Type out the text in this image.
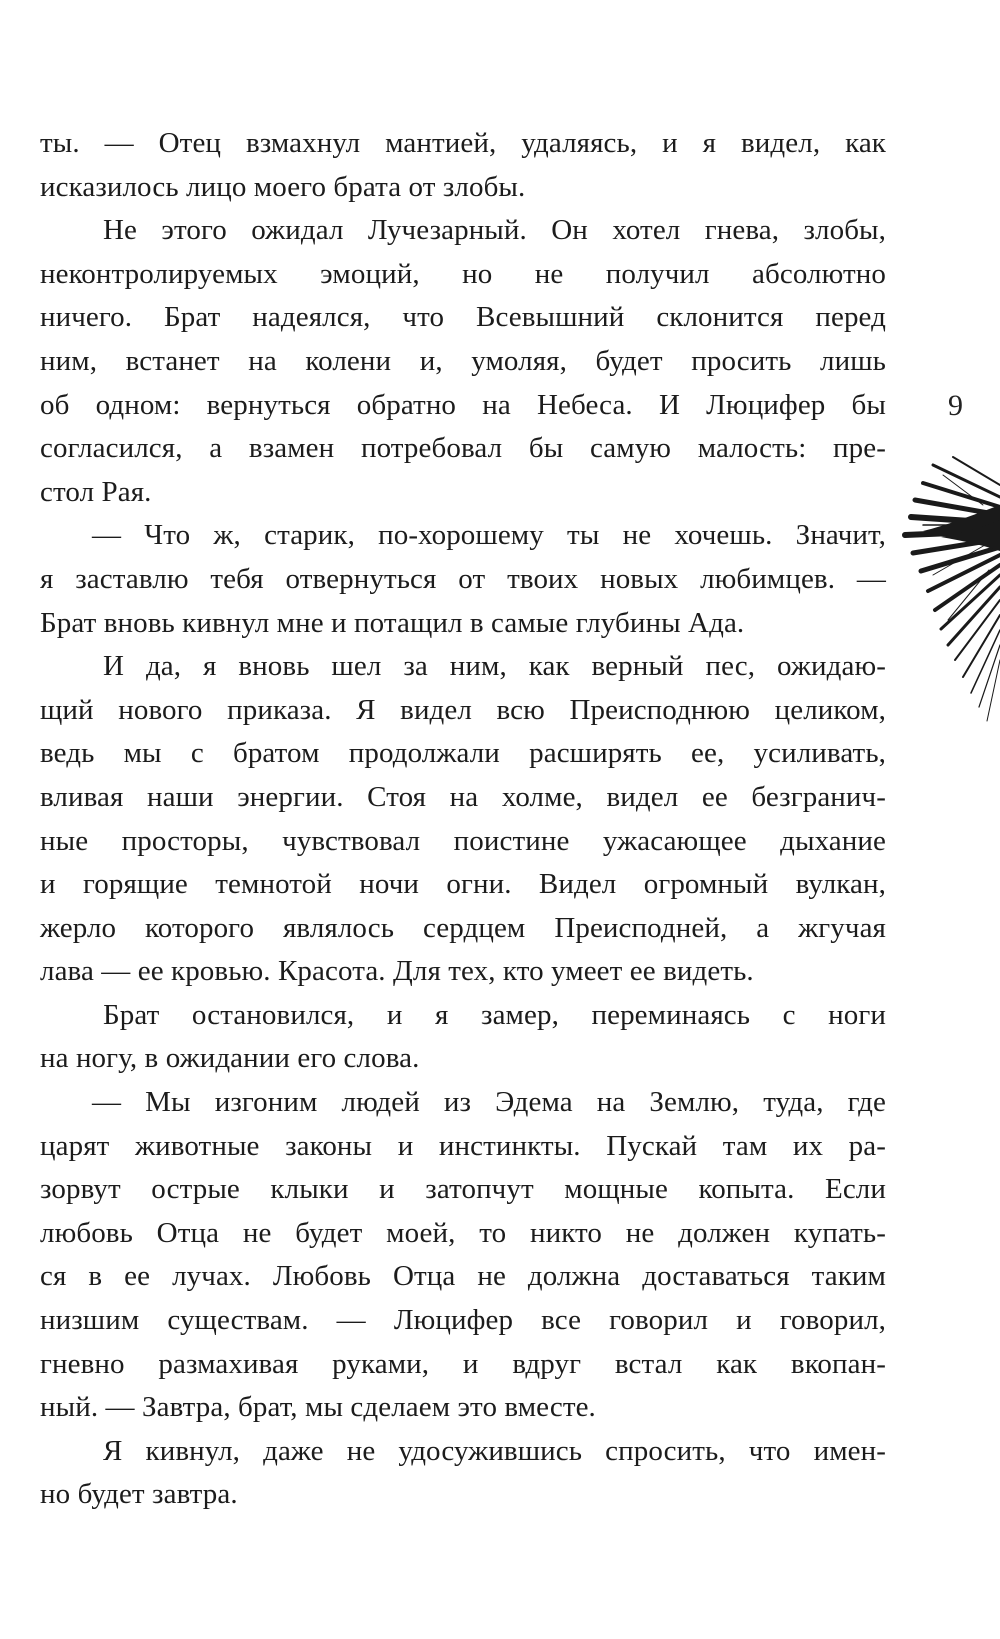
ты. — Отец взмахнул мантией, удаляясь, и я видел, как
исказилось лицо моего брата от злобы.
Не этого ожидал Лучезарный. Он хотел гнева, злобы,
неконтролируемых эмоций, но не получил абсолютно
ничего. Брат надеялся, что Всевышний склонится перед
ним, встанет на колени и, умоляя, будет просить лишь
об одном: вернуться обратно на Небеса. И Люцифер бы
согласился, а взамен потребовал бы самую малость: пре-
стол Рая.
— Что ж, старик, по-хорошему ты не хочешь. Значит,
я заставлю тебя отвернуться от твоих новых любимцев. —
Брат вновь кивнул мне и потащил в самые глубины Ада.
И да, я вновь шел за ним, как верный пес, ожидаю-
щий нового приказа. Я видел всю Преисподнюю целиком,
ведь мы с братом продолжали расширять ее, усиливать,
вливая наши энергии. Стоя на холме, видел ее безгранич-
ные просторы, чувствовал поистине ужасающее дыхание
и горящие темнотой ночи огни. Видел огромный вулкан,
жерло которого являлось сердцем Преисподней, а жгучая
лава — ее кровью. Красота. Для тех, кто умеет ее видеть.
Брат остановился, и я замер, переминаясь с ноги
на ногу, в ожидании его слова.
— Мы изгоним людей из Эдема на Землю, туда, где
царят животные законы и инстинкты. Пускай там их ра-
зорвут острые клыки и затопчут мощные копыта. Если
любовь Отца не будет моей, то никто не должен купать-
ся в ее лучах. Любовь Отца не должна доставаться таким
низшим существам. — Люцифер все говорил и говорил,
гневно размахивая руками, и вдруг встал как вкопан-
ный. — Завтра, брат, мы сделаем это вместе.
Я кивнул, даже не удосужившись спросить, что имен-
но будет завтра.
9
